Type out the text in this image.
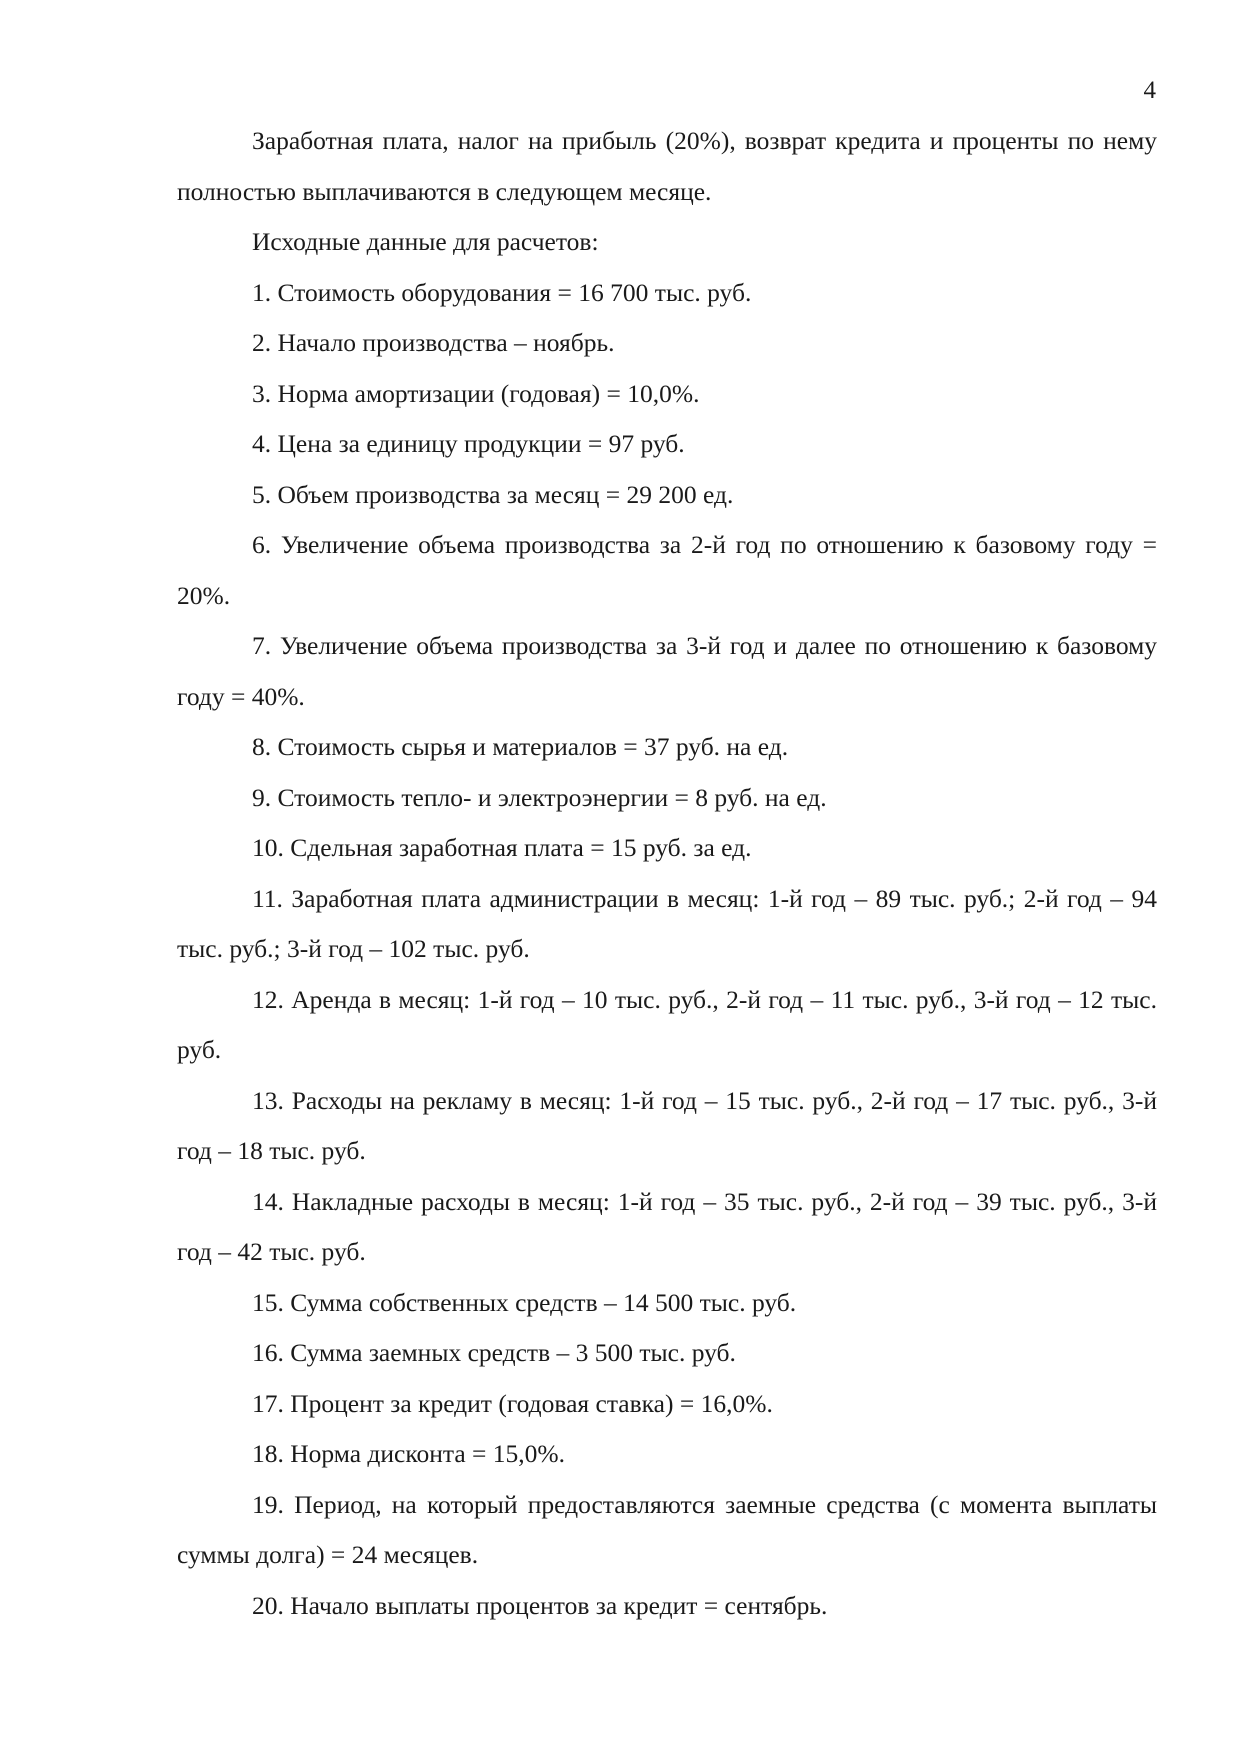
4

Заработная плата, налог на прибыль (20%), возврат кредита и проценты по нему полностью выплачиваются в следующем месяце.

Исходные данные для расчетов:

1. Стоимость оборудования = 16 700 тыс. руб.

2. Начало производства – ноябрь.

3. Норма амортизации (годовая) = 10,0%.

4. Цена за единицу продукции = 97 руб.

5. Объем производства за месяц = 29 200 ед.

6. Увеличение объема производства за 2-й год по отношению к базовому году = 20%.

7. Увеличение объема производства за 3-й год и далее по отношению к базовому году = 40%.

8. Стоимость сырья и материалов = 37 руб. на ед.

9. Стоимость тепло- и электроэнергии = 8 руб. на ед.

10. Сдельная заработная плата = 15 руб. за ед.

11. Заработная плата администрации в месяц: 1-й год – 89 тыс. руб.; 2-й год – 94 тыс. руб.; 3-й год – 102 тыс. руб.

12. Аренда в месяц: 1-й год – 10 тыс. руб., 2-й год – 11 тыс. руб., 3-й год – 12 тыс. руб.

13. Расходы на рекламу в месяц: 1-й год – 15 тыс. руб., 2-й год – 17 тыс. руб., 3-й год – 18 тыс. руб.

14. Накладные расходы в месяц: 1-й год – 35 тыс. руб., 2-й год – 39 тыс. руб., 3-й год – 42 тыс. руб.

15. Сумма собственных средств – 14 500 тыс. руб.

16. Сумма заемных средств – 3 500 тыс. руб.

17. Процент за кредит (годовая ставка) = 16,0%.

18. Норма дисконта = 15,0%.

19. Период, на который предоставляются заемные средства (с момента выплаты суммы долга) = 24 месяцев.

20. Начало выплаты процентов за кредит = сентябрь.
